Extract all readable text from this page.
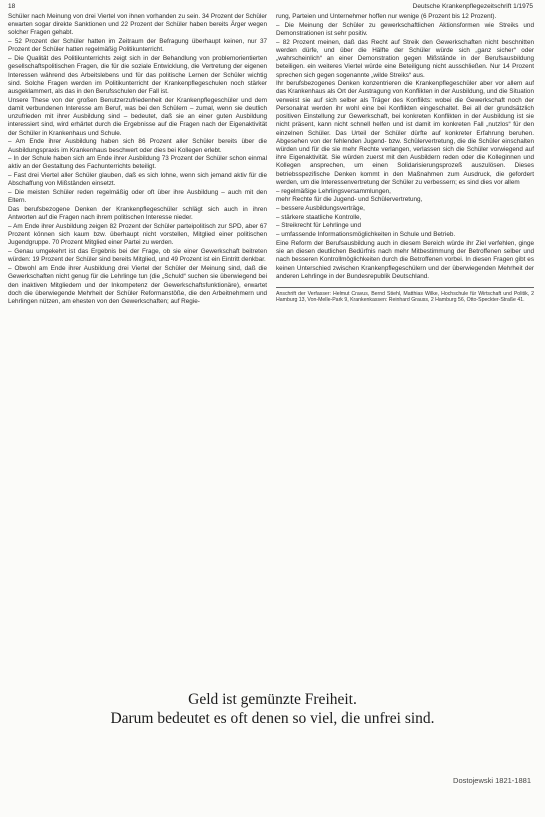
18	Deutsche Krankenpflegezeitschrift 1/1975

Schüler nach Meinung von drei Viertel von ihnen vorhanden zu sein. 34 Prozent der Schüler erwarten sogar direkte Sanktionen und 22 Prozent der Schüler haben bereits Ärger wegen solcher Fragen gehabt.

– 52 Prozent der Schüler hatten im Zeitraum der Befragung überhaupt keinen, nur 37 Prozent der Schüler hatten regelmäßig Politikunterricht.

– Die Qualität des Politikunterrichts zeigt sich in der Behandlung von problemorientierten gesellschaftspolitischen Fragen, die für die soziale Entwicklung, die Vertretung der eigenen Interessen während des Arbeitslebens und für das politische Lernen der Schüler wichtig sind. Solche Fragen werden im Politikunterricht der Krankenpflegeschulen noch stärker ausgeklammert, als das in den Berufsschulen der Fall ist.

Unsere These von der großen Benutzerzufriedenheit der Krankenpflegeschüler und dem damit verbundenen Interesse am Beruf, was bei den Schülern – zumal, wenn sie deutlich unzufrieden mit ihrer Ausbildung sind – bedeutet, daß sie an einer guten Ausbildung interessiert sind, wird erhärtet durch die Ergebnisse auf die Fragen nach der Eigenaktivität der Schüler in Krankenhaus und Schule.

– Am Ende ihrer Ausbildung haben sich 86 Prozent aller Schüler bereits über die Ausbildungspraxis im Krankenhaus beschwert oder dies bei Kollegen erlebt.

– In der Schule haben sich am Ende ihrer Ausbildung 73 Prozent der Schüler schon einmal aktiv an der Gestaltung des Fachunterrichts beteiligt.

– Fast drei Viertel aller Schüler glauben, daß es sich lohne, wenn sich jemand aktiv für die Abschaffung von Mißständen einsetzt.

– Die meisten Schüler reden regelmäßig oder oft über ihre Ausbildung – auch mit den Eltern.

Das berufsbezogene Denken der Krankenpflegeschüler schlägt sich auch in ihren Antworten auf die Fragen nach ihrem politischen Interesse nieder.

– Am Ende ihrer Ausbildung zeigen 82 Prozent der Schüler parteipolitisch zur SPD, aber 67 Prozent können sich kaum bzw. überhaupt nicht vorstellen, Mitglied einer politischen Jugendgruppe. 70 Prozent Mitglied einer Partei zu werden.

– Genau umgekehrt ist das Ergebnis bei der Frage, ob sie einer Gewerkschaft beitreten würden: 19 Prozent der Schüler sind bereits Mitglied, und 49 Prozent ist ein Eintritt denkbar.

– Obwohl am Ende ihrer Ausbildung drei Viertel der Schüler der Meinung sind, daß die Gewerkschaften nicht genug für die Lehrlinge tun (die „Schuld“ suchen sie überwiegend bei den inaktiven Mitgliedern und der Inkompetenz der Gewerkschaftsfunktionäre), erwartet doch die überwiegende Mehrheit der Schüler Reformanstöße, die den Arbeitnehmern und Lehrlingen nützen, am ehesten von den Gewerkschaften; auf Regie-

rung, Parteien und Unternehmer hoffen nur wenige (6 Prozent bis 12 Prozent).

– Die Meinung der Schüler zu gewerkschaftlichen Aktionsformen wie Streiks und Demonstrationen ist sehr positiv.

– 82 Prozent meinen, daß das Recht auf Streik den Gewerkschaften nicht beschnitten werden dürfe, und über die Hälfte der Schüler würde sich „ganz sicher“ oder „wahrscheinlich“ an einer Demonstration gegen Mißstände in der Berufsausbildung beteiligen. ein weiteres Viertel würde eine Beteiligung nicht ausschließen. Nur 14 Prozent sprechen sich gegen sogenannte „wilde Streiks“ aus.

Ihr berufsbezogenes Denken konzentrieren die Krankenpflegeschüler aber vor allem auf das Krankenhaus als Ort der Austragung von Konflikten in der Ausbildung, und die Situation verweist sie auf sich selber als Träger des Konflikts: wobei die Gewerkschaft noch der Personalrat werden ihr wohl eine bei Konflikten eingeschaltet. Bei all der grundsätzlich positiven Einstellung zur Gewerkschaft, bei konkreten Konflikten in der Ausbildung ist sie nicht präsent, kann nicht schnell helfen und ist damit im konkreten Fall „nutzlos“ für den einzelnen Schüler. Das Urteil der Schüler dürfte auf konkreter Erfahrung beruhen. Abgesehen von der fehlenden Jugend- bzw. Schülervertretung, die die Schüler einschalten würden und für die sie mehr Rechte verlangen, verlassen sich die Schüler vorwiegend auf ihre Eigenaktivität. Sie würden zuerst mit den Ausbildern reden oder die Kolleginnen und Kollegen ansprechen, um einen Solidarisierungsprozeß auszulösen. Dieses betriebsspezifische Denken kommt in den Maßnahmen zum Ausdruck, die gefordert werden, um die Interessenvertretung der Schüler zu verbessern; es sind dies vor allem

– regelmäßige Lehrlingsversammlungen,

mehr Rechte für die Jugend- und Schülervertretung,

– bessere Ausbildungsverträge,

– stärkere staatliche Kontrolle,

– Streikrecht für Lehrlinge und

– umfassende Informationsmöglichkeiten in Schule und Betrieb.

Eine Reform der Berufsausbildung auch in diesem Bereich würde ihr Ziel verfehlen, ginge sie an diesen deutlichen Bedürfnis nach mehr Mitbestimmung der Betroffenen selber und nach besseren Kontrollmöglichkeiten durch die Betroffenen vorbei. In diesen Fragen gibt es keinen Unterschied zwischen Krankenpflegeschülern und der überwiegenden Mehrheit der anderen Lehrlinge in der Bundesrepublik Deutschland.

Anschrift der Verfasser: Helmut Cravus, Bernd Stiehl, Matthias Wilke, Hochschule für Wirtschaft und Politik, 2 Hamburg 13, Von-Melle-Park 9, Krankenkassen: Reinhard Grauss, 2 Hamburg 56, Otto-Speckter-Straße 41.
Geld ist gemünzte Freiheit.
Darum bedeutet es oft denen so viel, die unfrei sind.
Dostojewski 1821-1881
